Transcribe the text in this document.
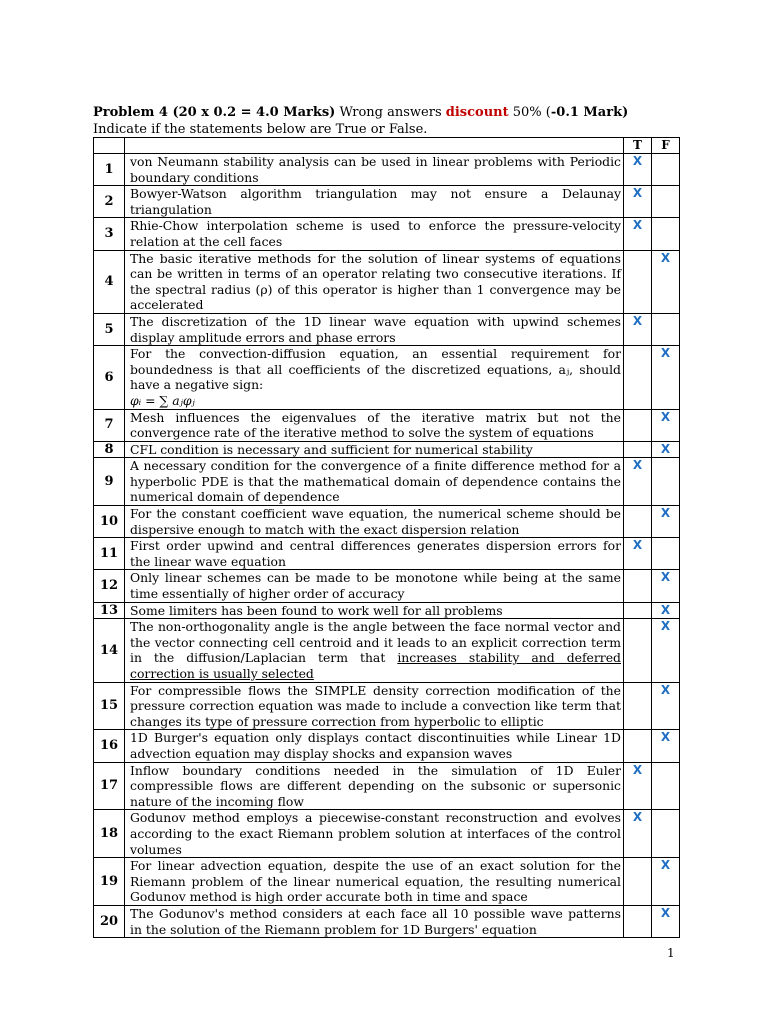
Problem 4 (20 x 0.2 = 4.0 Marks) Wrong answers discount 50% (-0.1 Mark)
Indicate if the statements below are True or False.
		T	F
1	von Neumann stability analysis can be used in linear problems with Periodic boundary conditions	X	
2	Bowyer-Watson algorithm triangulation may not ensure a Delaunay triangulation	X	
3	Rhie-Chow interpolation scheme is used to enforce the pressure-velocity relation at the cell faces	X	
4	The basic iterative methods for the solution of linear systems of equations can be written in terms of an operator relating two consecutive iterations. If the spectral radius (ρ) of this operator is higher than 1 convergence may be accelerated		X
5	The discretization of the 1D linear wave equation with upwind schemes display amplitude errors and phase errors	X	
6	For the convection-diffusion equation, an essential requirement for boundedness is that all coefficients of the discretized equations, aⱼ, should have a negative sign:
φᵢ = ∑ aⱼφⱼ		X
7	Mesh influences the eigenvalues of the iterative matrix but not the convergence rate of the iterative method to solve the system of equations		X
8	CFL condition is necessary and sufficient for numerical stability		X
9	A necessary condition for the convergence of a finite difference method for a hyperbolic PDE is that the mathematical domain of dependence contains the numerical domain of dependence	X	
10	For the constant coefficient wave equation, the numerical scheme should be dispersive enough to match with the exact dispersion relation		X
11	First order upwind and central differences generates dispersion errors for the linear wave equation	X	
12	Only linear schemes can be made to be monotone while being at the same time essentially of higher order of accuracy		X
13	Some limiters has been found to work well for all problems		X
14	The non-orthogonality angle is the angle between the face normal vector and the vector connecting cell centroid and it leads to an explicit correction term in the diffusion/Laplacian term that increases stability and deferred correction is usually selected		X
15	For compressible flows the SIMPLE density correction modification of the pressure correction equation was made to include a convection like term that changes its type of pressure correction from hyperbolic to elliptic		X
16	1D Burger's equation only displays contact discontinuities while Linear 1D advection equation may display shocks and expansion waves		X
17	Inflow boundary conditions needed in the simulation of 1D Euler compressible flows are different depending on the subsonic or supersonic nature of the incoming flow	X	
18	Godunov method employs a piecewise-constant reconstruction and evolves according to the exact Riemann problem solution at interfaces of the control volumes	X	
19	For linear advection equation, despite the use of an exact solution for the Riemann problem of the linear numerical equation, the resulting numerical Godunov method is high order accurate both in time and space		X
20	The Godunov's method considers at each face all 10 possible wave patterns in the solution of the Riemann problem for 1D Burgers' equation		X
1
